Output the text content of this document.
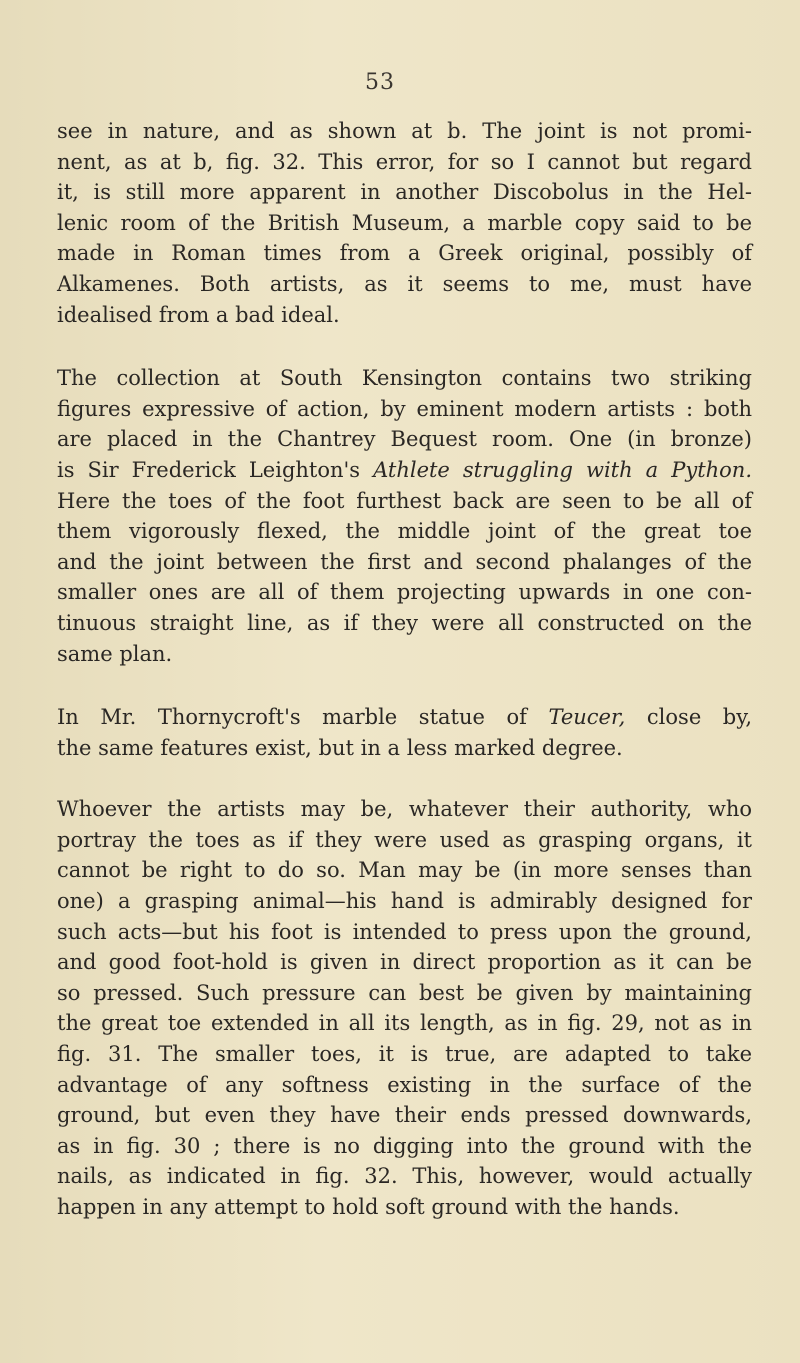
53

see in nature, and as shown at b. The joint is not promi-
nent, as at b, fig. 32. This error, for so I cannot but regard
it, is still more apparent in another Discobolus in the Hel-
lenic room of the British Museum, a marble copy said to be
made in Roman times from a Greek original, possibly of
Alkamenes. Both artists, as it seems to me, must have
idealised from a bad ideal.

The collection at South Kensington contains two striking
figures expressive of action, by eminent modern artists : both
are placed in the Chantrey Bequest room. One (in bronze)
is Sir Frederick Leighton's Athlete struggling with a Python.
Here the toes of the foot furthest back are seen to be all of
them vigorously flexed, the middle joint of the great toe
and the joint between the first and second phalanges of the
smaller ones are all of them projecting upwards in one con-
tinuous straight line, as if they were all constructed on the
same plan.

In Mr. Thornycroft's marble statue of Teucer, close by,
the same features exist, but in a less marked degree.

Whoever the artists may be, whatever their authority, who
portray the toes as if they were used as grasping organs, it
cannot be right to do so. Man may be (in more senses than
one) a grasping animal—his hand is admirably designed for
such acts—but his foot is intended to press upon the ground,
and good foot-hold is given in direct proportion as it can be
so pressed. Such pressure can best be given by maintaining
the great toe extended in all its length, as in fig. 29, not as in
fig. 31. The smaller toes, it is true, are adapted to take
advantage of any softness existing in the surface of the
ground, but even they have their ends pressed downwards,
as in fig. 30 ; there is no digging into the ground with the
nails, as indicated in fig. 32. This, however, would actually
happen in any attempt to hold soft ground with the hands.
